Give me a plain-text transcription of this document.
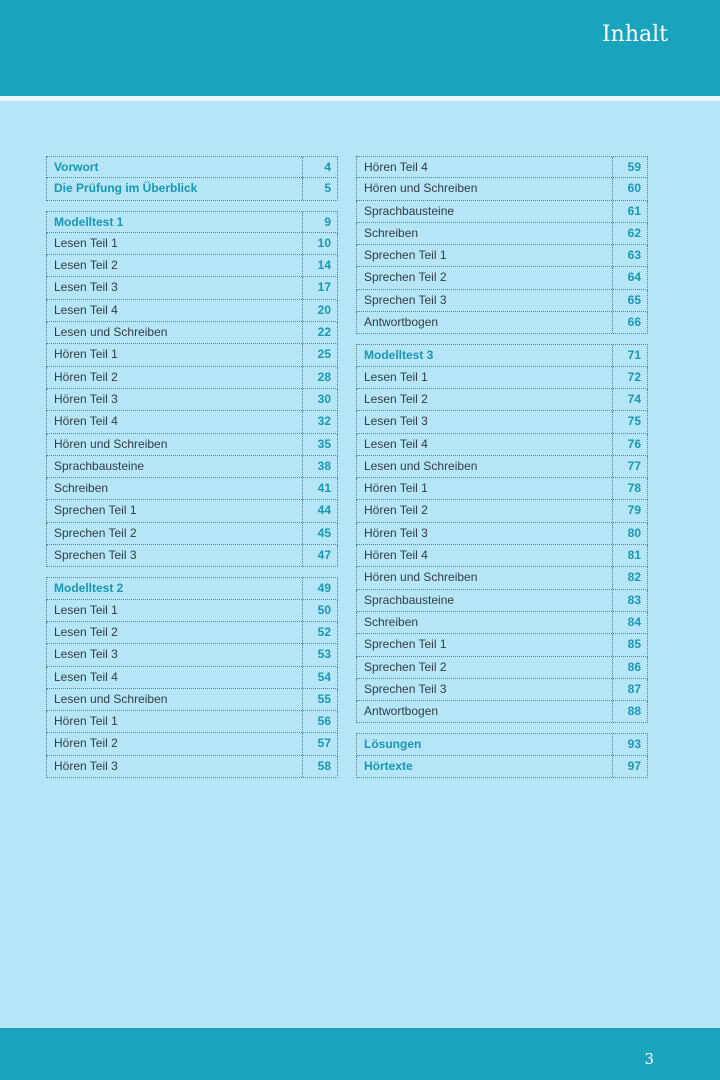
Inhalt
Vorwort	4
Die Prüfung im Überblick	5
Modelltest 1	9
Lesen Teil 1	10
Lesen Teil 2	14
Lesen Teil 3	17
Lesen Teil 4	20
Lesen und Schreiben	22
Hören Teil 1	25
Hören Teil 2	28
Hören Teil 3	30
Hören Teil 4	32
Hören und Schreiben	35
Sprachbausteine	38
Schreiben	41
Sprechen Teil 1	44
Sprechen Teil 2	45
Sprechen Teil 3	47
Modelltest 2	49
Lesen Teil 1	50
Lesen Teil 2	52
Lesen Teil 3	53
Lesen Teil 4	54
Lesen und Schreiben	55
Hören Teil 1	56
Hören Teil 2	57
Hören Teil 3	58
Hören Teil 4	59
Hören und Schreiben	60
Sprachbausteine	61
Schreiben	62
Sprechen Teil 1	63
Sprechen Teil 2	64
Sprechen Teil 3	65
Antwortbogen	66
Modelltest 3	71
Lesen Teil 1	72
Lesen Teil 2	74
Lesen Teil 3	75
Lesen Teil 4	76
Lesen und Schreiben	77
Hören Teil 1	78
Hören Teil 2	79
Hören Teil 3	80
Hören Teil 4	81
Hören und Schreiben	82
Sprachbausteine	83
Schreiben	84
Sprechen Teil 1	85
Sprechen Teil 2	86
Sprechen Teil 3	87
Antwortbogen	88
Lösungen	93
Hörtexte	97
3
